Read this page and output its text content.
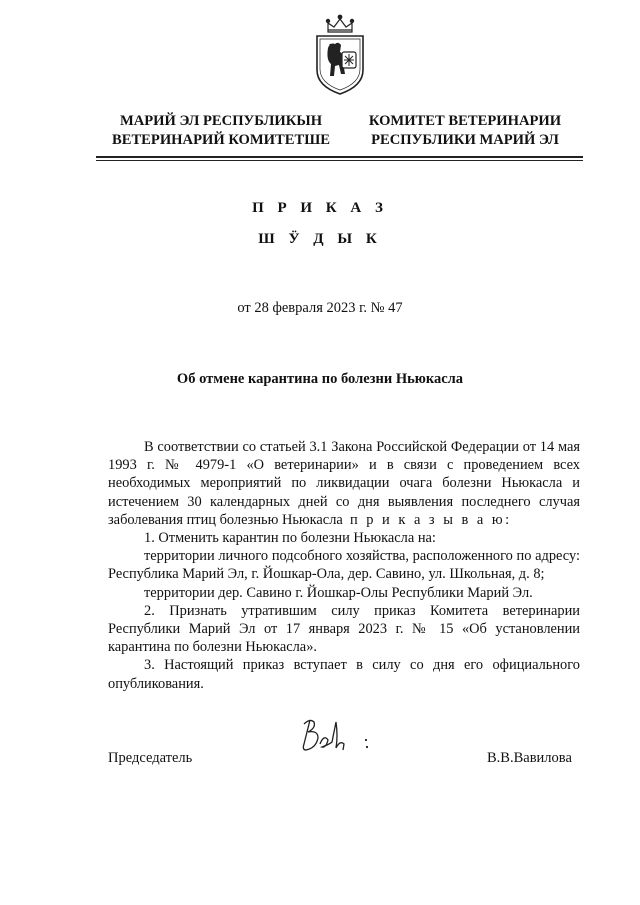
МАРИЙ ЭЛ РЕСПУБЛИКЫН
ВЕТЕРИНАРИЙ КОМИТЕТШЕ
КОМИТЕТ ВЕТЕРИНАРИИ
РЕСПУБЛИКИ МАРИЙ ЭЛ
П Р И К А З
Ш Ӱ Д Ы К
от 28 февраля 2023 г. № 47
Об отмене карантина по болезни Ньюкасла

В соответствии со статьей 3.1 Закона Российской Федерации от 14 мая 1993 г. № 4979-1 «О ветеринарии» и в связи с проведением всех необходимых мероприятий по ликвидации очага болезни Ньюкасла и истечением 30 календарных дней со дня выявления последнего случая заболевания птиц болезнью Ньюкасла п р и к а з ы в а ю:

1. Отменить карантин по болезни Ньюкасла на:

территории личного подсобного хозяйства, расположенного по адресу: Республика Марий Эл, г. Йошкар-Ола, дер. Савино, ул. Школьная, д. 8;

территории дер. Савино г. Йошкар-Олы Республики Марий Эл.

2. Признать утратившим силу приказ Комитета ветеринарии Республики Марий Эл от 17 января 2023 г. № 15 «Об установлении карантина по болезни Ньюкасла».

3. Настоящий приказ вступает в силу со дня его официального опубликования.

Председатель	В.В.Вавилова
